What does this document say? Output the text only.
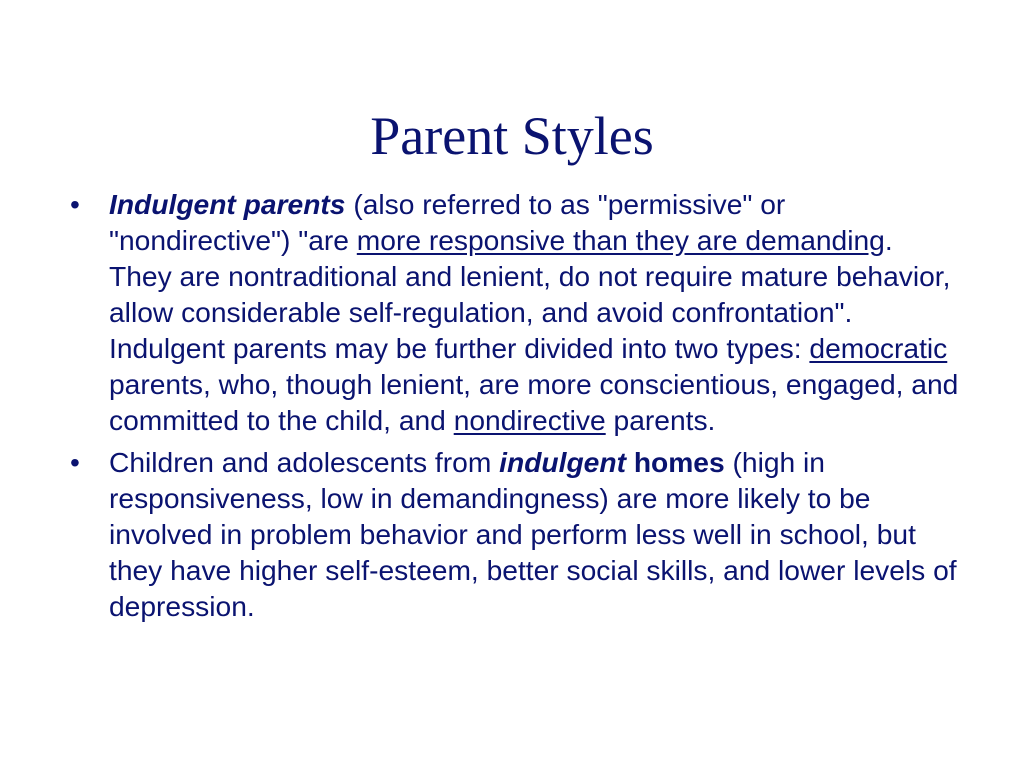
Parent Styles
•	Indulgent parents (also referred to as "permissive" or "nondirective") "are more responsive than they are demanding. They are nontraditional and lenient, do not require mature behavior, allow considerable self-regulation, and avoid confrontation". Indulgent parents may be further divided into two types: democratic parents, who, though lenient, are more conscientious, engaged, and committed to the child, and nondirective parents.
•	Children and adolescents from indulgent homes (high in responsiveness, low in demandingness) are more likely to be involved in problem behavior and perform less well in school, but they have higher self-esteem, better social skills, and lower levels of depression.
